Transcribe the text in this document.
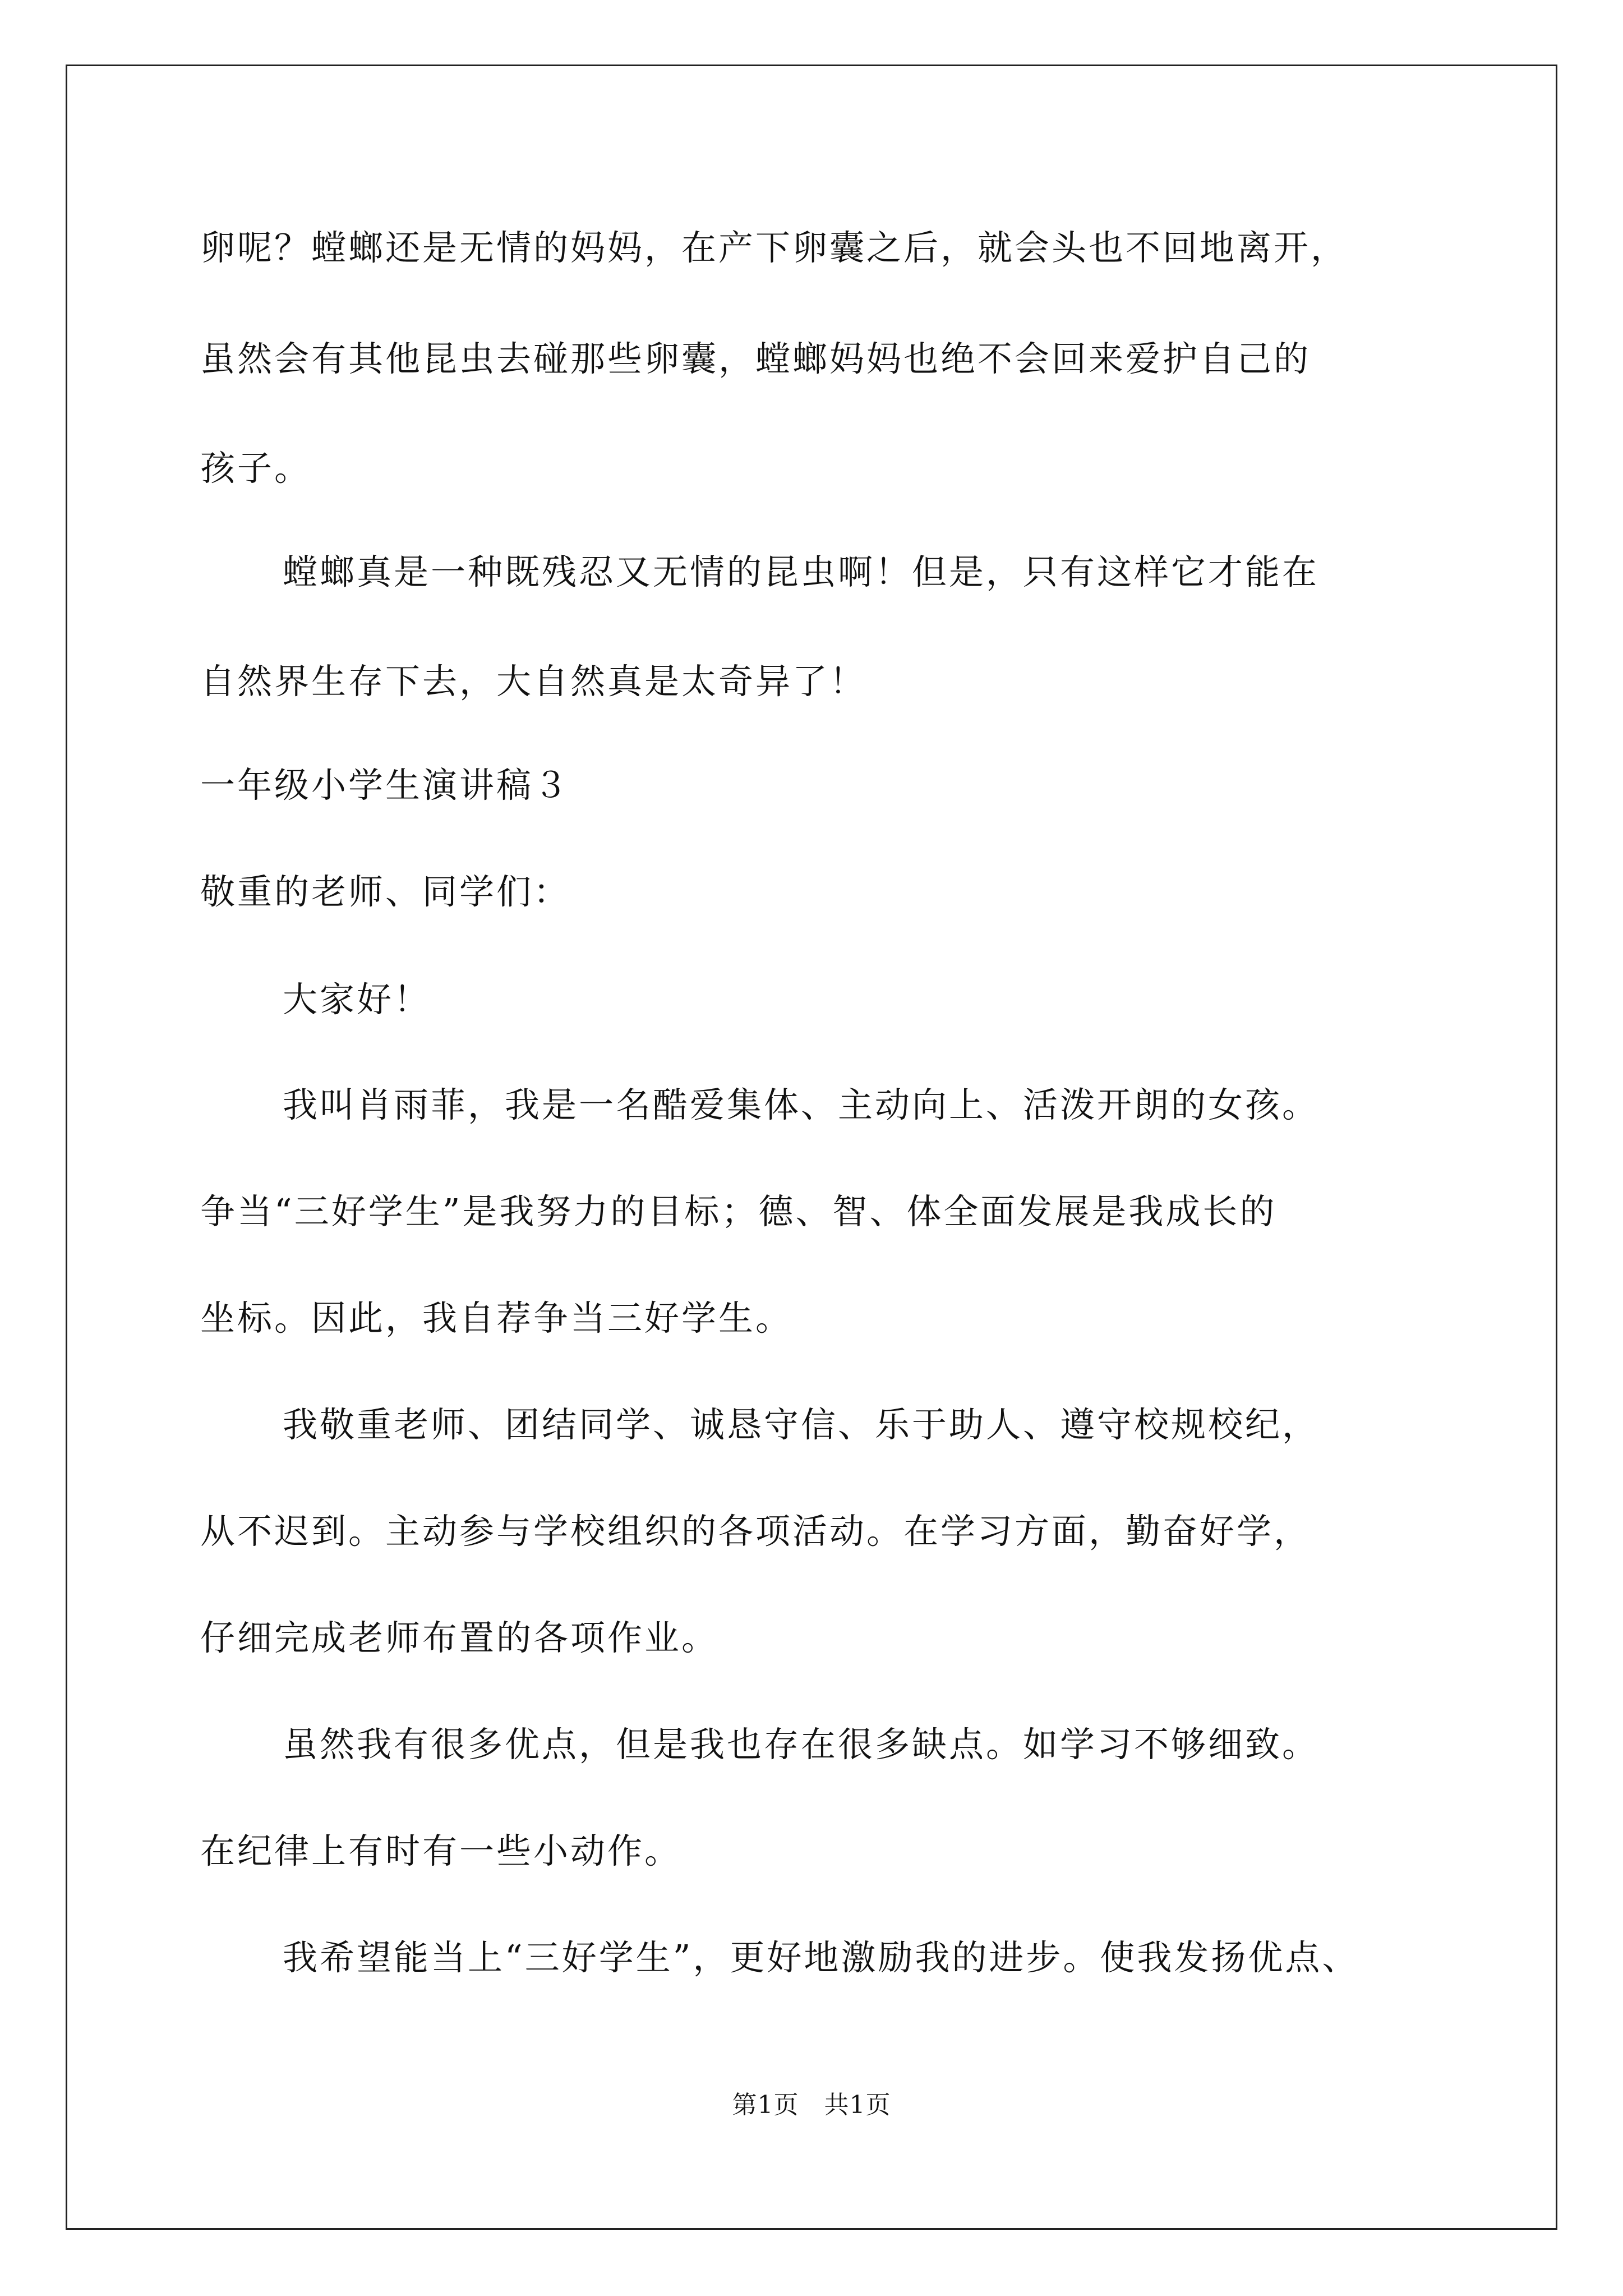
卵呢？螳螂还是无情的妈妈，在产下卵囊之后，就会头也不回地离开，
虽然会有其他昆虫去碰那些卵囊，螳螂妈妈也绝不会回来爱护自己的
孩子。
螳螂真是一种既残忍又无情的昆虫啊！但是，只有这样它才能在
自然界生存下去，大自然真是太奇异了！
一年级小学生演讲稿３
敬重的老师、同学们：
大家好！
我叫肖雨菲，我是一名酷爱集体、主动向上、活泼开朗的女孩。
争当“三好学生”是我努力的目标；德、智、体全面发展是我成长的
坐标。因此，我自荐争当三好学生。
我敬重老师、团结同学、诚恳守信、乐于助人、遵守校规校纪，
从不迟到。主动参与学校组织的各项活动。在学习方面，勤奋好学，
仔细完成老师布置的各项作业。
虽然我有很多优点，但是我也存在很多缺点。如学习不够细致。
在纪律上有时有一些小动作。
我希望能当上“三好学生”，更好地激励我的进步。使我发扬优点、
第1页   共1页
